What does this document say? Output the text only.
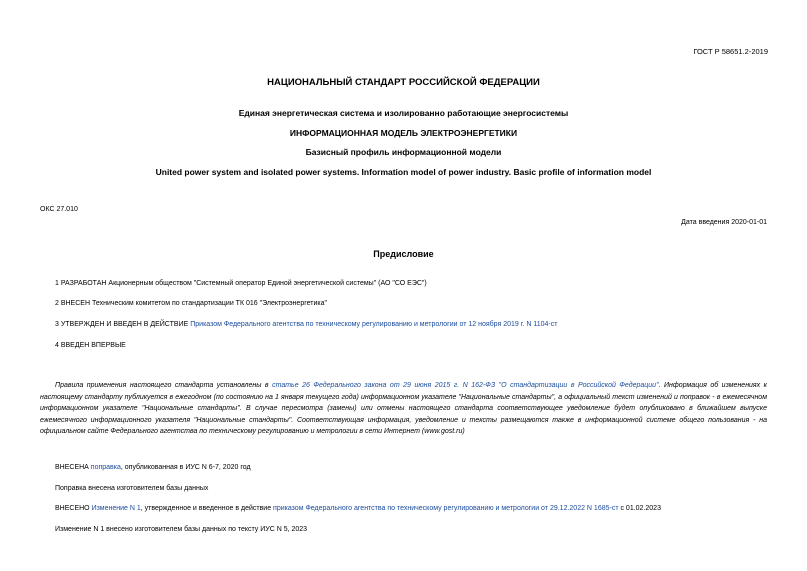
ГОСТ Р 58651.2-2019
НАЦИОНАЛЬНЫЙ СТАНДАРТ РОССИЙСКОЙ ФЕДЕРАЦИИ
Единая энергетическая система и изолированно работающие энергосистемы
ИНФОРМАЦИОННАЯ МОДЕЛЬ ЭЛЕКТРОЭНЕРГЕТИКИ
Базисный профиль информационной модели
United power system and isolated power systems. Information model of power industry. Basic profile of information model
ОКС 27.010
Дата введения 2020-01-01
Предисловие
1 РАЗРАБОТАН Акционерным обществом "Системный оператор Единой энергетической системы" (АО "СО ЕЭС")
2 ВНЕСЕН Техническим комитетом по стандартизации ТК 016 "Электроэнергетика"
3 УТВЕРЖДЕН И ВВЕДЕН В ДЕЙСТВИЕ Приказом Федерального агентства по техническому регулированию и метрологии от 12 ноября 2019 г. N 1104-ст
4 ВВЕДЕН ВПЕРВЫЕ
Правила применения настоящего стандарта установлены в статье 26 Федерального закона от 29 июня 2015 г. N 162-ФЗ "О стандартизации в Российской Федерации". Информация об изменениях к настоящему стандарту публикуется в ежегодном (по состоянию на 1 января текущего года) информационном указателе "Национальные стандарты", а официальный текст изменений и поправок - в ежемесячном информационном указателе "Национальные стандарты". В случае пересмотра (замены) или отмены настоящего стандарта соответствующее уведомление будет опубликовано в ближайшем выпуске ежемесячного информационного указателя "Национальные стандарты". Соответствующая информация, уведомление и тексты размещаются также в информационной системе общего пользования - на официальном сайте Федерального агентства по техническому регулированию и метрологии в сети Интернет (www.gost.ru)
ВНЕСЕНА поправка, опубликованная в ИУС N 6-7, 2020 год
Поправка внесена изготовителем базы данных
ВНЕСЕНО Изменение N 1, утвержденное и введенное в действие приказом Федерального агентства по техническому регулированию и метрологии от 29.12.2022 N 1685-ст с 01.02.2023
Изменение N 1 внесено изготовителем базы данных по тексту ИУС N 5, 2023
